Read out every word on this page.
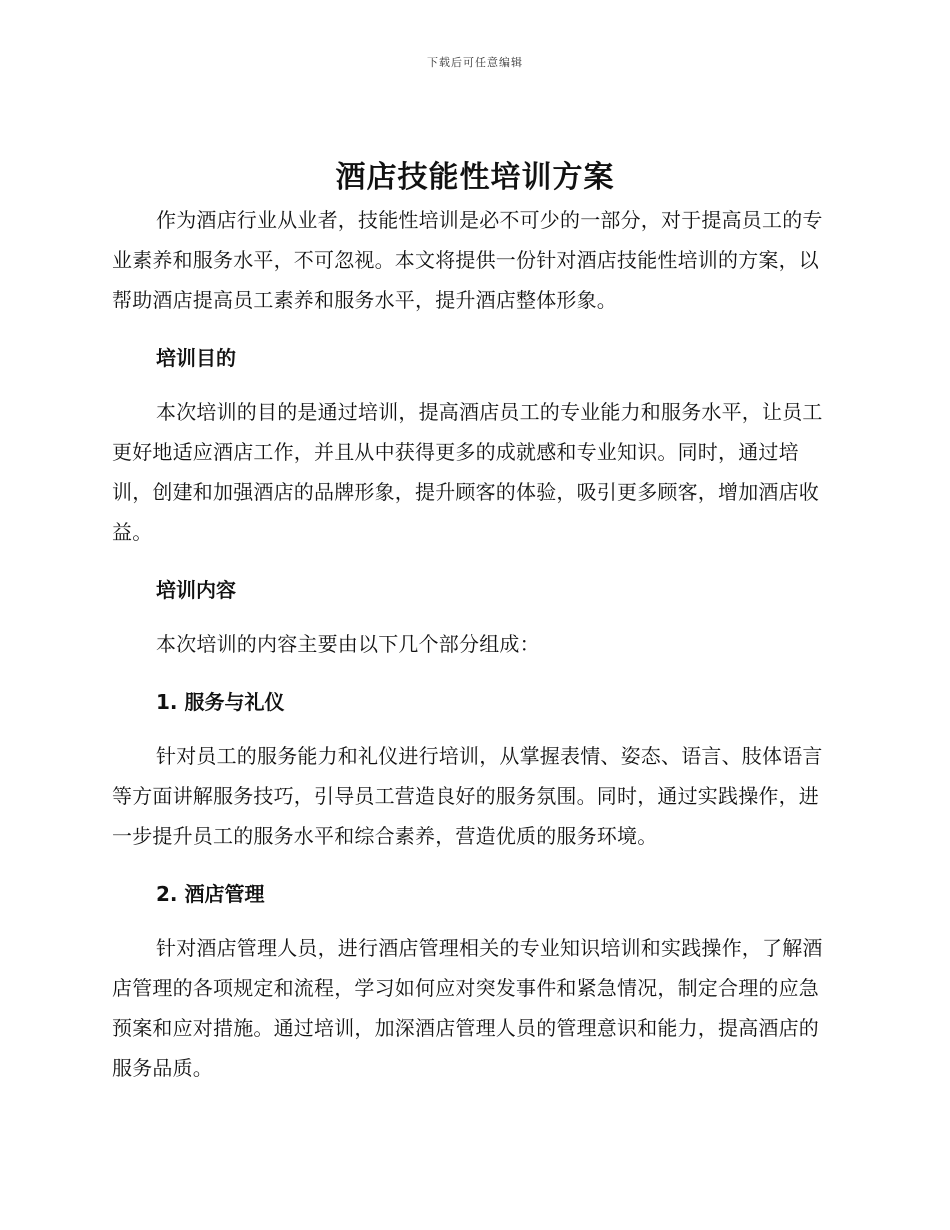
下载后可任意编辑
酒店技能性培训方案

作为酒店行业从业者，技能性培训是必不可少的一部分，对于提高员工的专业素养和服务水平，不可忽视。本文将提供一份针对酒店技能性培训的方案，以帮助酒店提高员工素养和服务水平，提升酒店整体形象。

培训目的

本次培训的目的是通过培训，提高酒店员工的专业能力和服务水平，让员工更好地适应酒店工作，并且从中获得更多的成就感和专业知识。同时，通过培训，创建和加强酒店的品牌形象，提升顾客的体验，吸引更多顾客，增加酒店收益。

培训内容

本次培训的内容主要由以下几个部分组成：

1. 服务与礼仪

针对员工的服务能力和礼仪进行培训，从掌握表情、姿态、语言、肢体语言等方面讲解服务技巧，引导员工营造良好的服务氛围。同时，通过实践操作，进一步提升员工的服务水平和综合素养，营造优质的服务环境。

2. 酒店管理

针对酒店管理人员，进行酒店管理相关的专业知识培训和实践操作，了解酒店管理的各项规定和流程，学习如何应对突发事件和紧急情况，制定合理的应急预案和应对措施。通过培训，加深酒店管理人员的管理意识和能力，提高酒店的服务品质。
